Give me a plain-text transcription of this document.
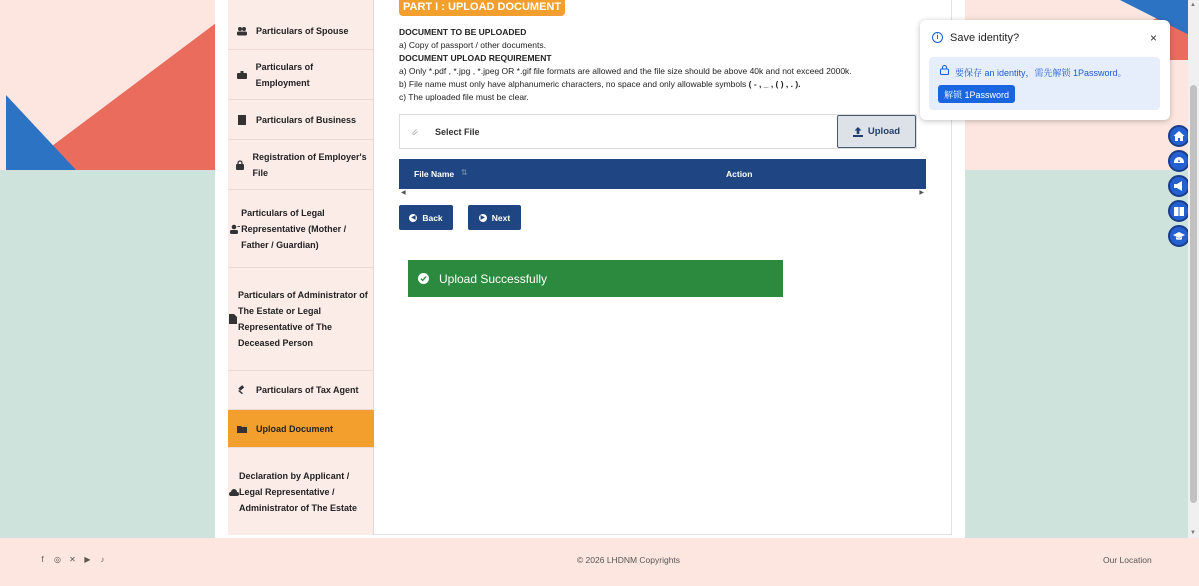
Particulars of Spouse
Particulars of Employment
Particulars of Business
Registration of Employer's File
Particulars of Legal Representative (Mother / Father / Guardian)
Particulars of Administrator of The Estate or Legal Representative of The Deceased Person
Particulars of Tax Agent
Upload Document
Declaration by Applicant / Legal Representative / Administrator of The Estate
PART I : UPLOAD DOCUMENT
DOCUMENT TO BE UPLOADED
a) Copy of passport / other documents.
DOCUMENT UPLOAD REQUIREMENT
a) Only *.pdf , *.jpg , *.jpeg OR *.gif file formats are allowed and the file size should be above 40k and not exceed 2000k.
b) File name must only have alphanumeric characters, no space and only allowable symbols ( - , _ , ( ) , . ).
c) The uploaded file must be clear.
Select File	Upload
File Name ⇅	Action
◀	▶
◀ Back	▶ Next
Upload Successfully
i	Save identity?	×
要保存 an identity，需先解锁 1Password。
解锁 1Password
▲
▼
f	◎ ✕ ▶	♪	© 2026 LHDNM Copyrights	Our Location
